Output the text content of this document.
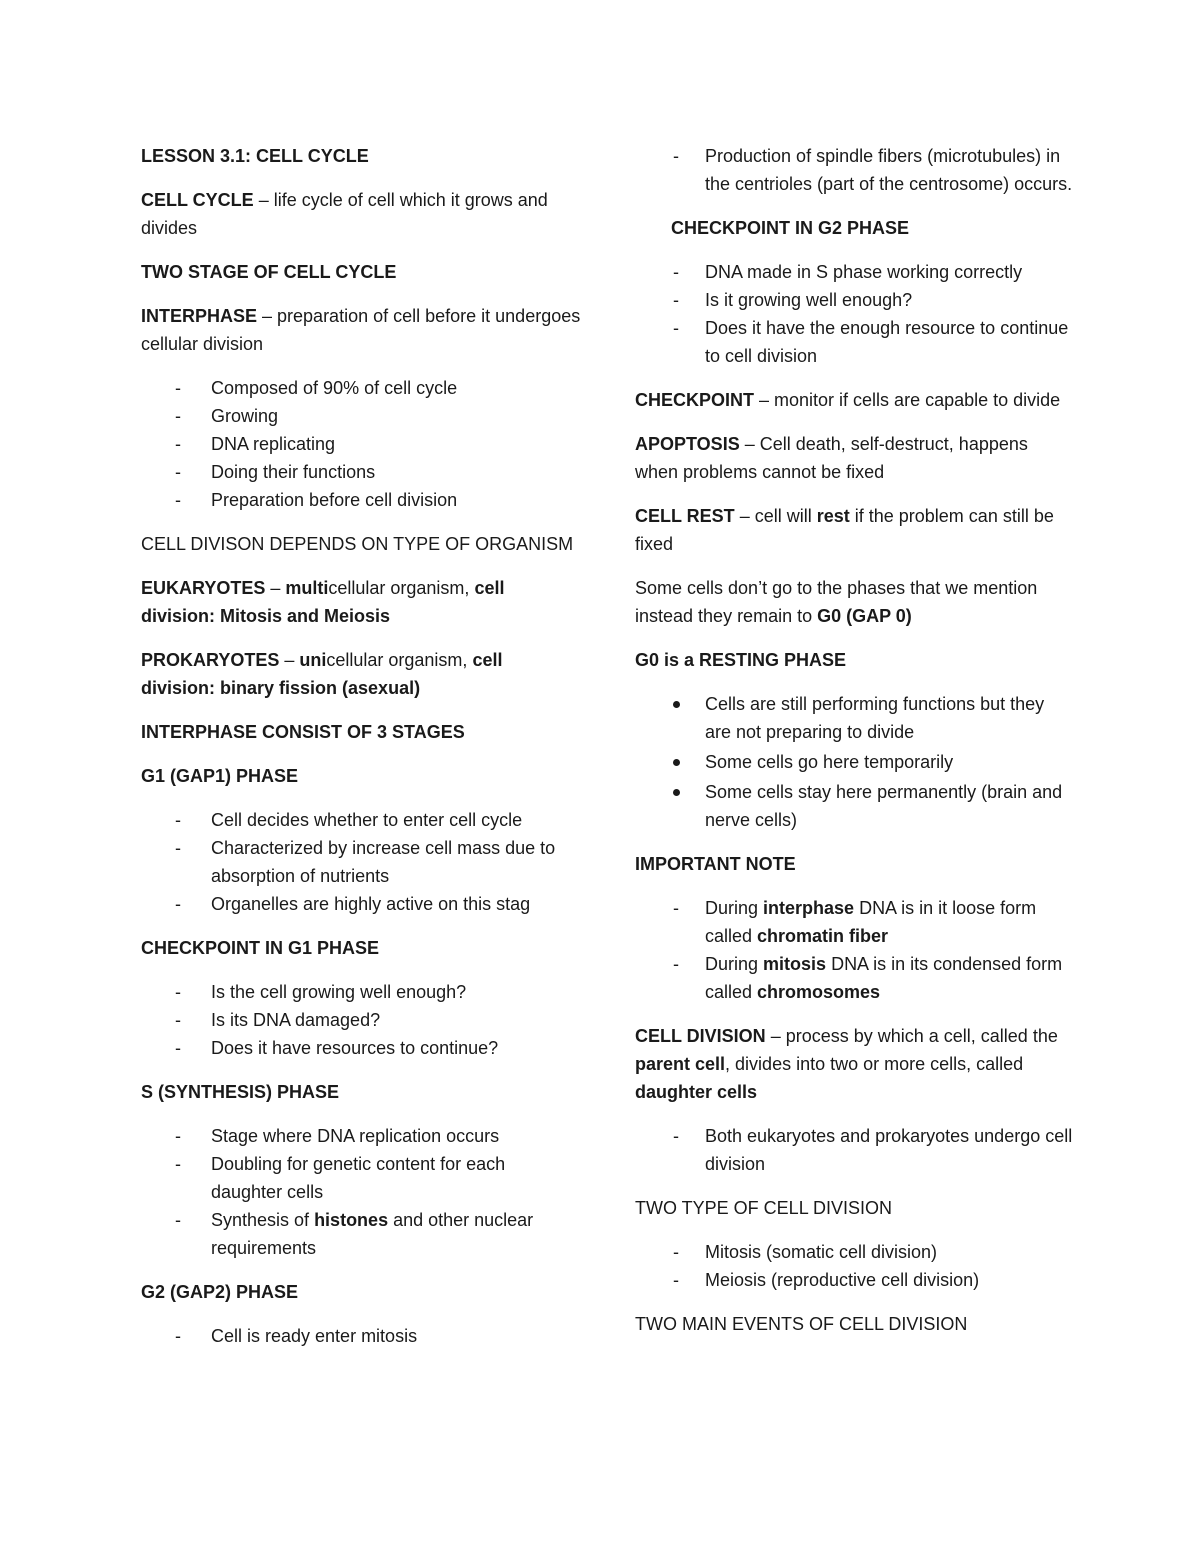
LESSON 3.1: CELL CYCLE

CELL CYCLE – life cycle of cell which it grows and divides

TWO STAGE OF CELL CYCLE

INTERPHASE – preparation of cell before it undergoes cellular division

- Composed of 90% of cell cycle
- Growing
- DNA replicating
- Doing their functions
- Preparation before cell division

CELL DIVISON DEPENDS ON TYPE OF ORGANISM

EUKARYOTES – multicellular organism, cell division: Mitosis and Meiosis

PROKARYOTES – unicellular organism, cell division: binary fission (asexual)

INTERPHASE CONSIST OF 3 STAGES

G1 (GAP1) PHASE

- Cell decides whether to enter cell cycle
- Characterized by increase cell mass due to absorption of nutrients
- Organelles are highly active on this stag

CHECKPOINT IN G1 PHASE

- Is the cell growing well enough?
- Is its DNA damaged?
- Does it have resources to continue?

S (SYNTHESIS) PHASE

- Stage where DNA replication occurs
- Doubling for genetic content for each daughter cells
- Synthesis of histones and other nuclear requirements

G2 (GAP2) PHASE

- Cell is ready enter mitosis
- Production of spindle fibers (microtubules) in the centrioles (part of the centrosome) occurs.

CHECKPOINT IN G2 PHASE

- DNA made in S phase working correctly
- Is it growing well enough?
- Does it have the enough resource to continue to cell division

CHECKPOINT – monitor if cells are capable to divide

APOPTOSIS – Cell death, self-destruct, happens when problems cannot be fixed

CELL REST – cell will rest if the problem can still be fixed

Some cells don’t go to the phases that we mention instead they remain to G0 (GAP 0)

G0 is a RESTING PHASE

Cells are still performing functions but they are not preparing to divide
Some cells go here temporarily
Some cells stay here permanently (brain and nerve cells)

IMPORTANT NOTE

- During interphase DNA is in it loose form called chromatin fiber
- During mitosis DNA is in its condensed form called chromosomes

CELL DIVISION – process by which a cell, called the parent cell, divides into two or more cells, called daughter cells

- Both eukaryotes and prokaryotes undergo cell division

TWO TYPE OF CELL DIVISION

- Mitosis (somatic cell division)
- Meiosis (reproductive cell division)

TWO MAIN EVENTS OF CELL DIVISION
